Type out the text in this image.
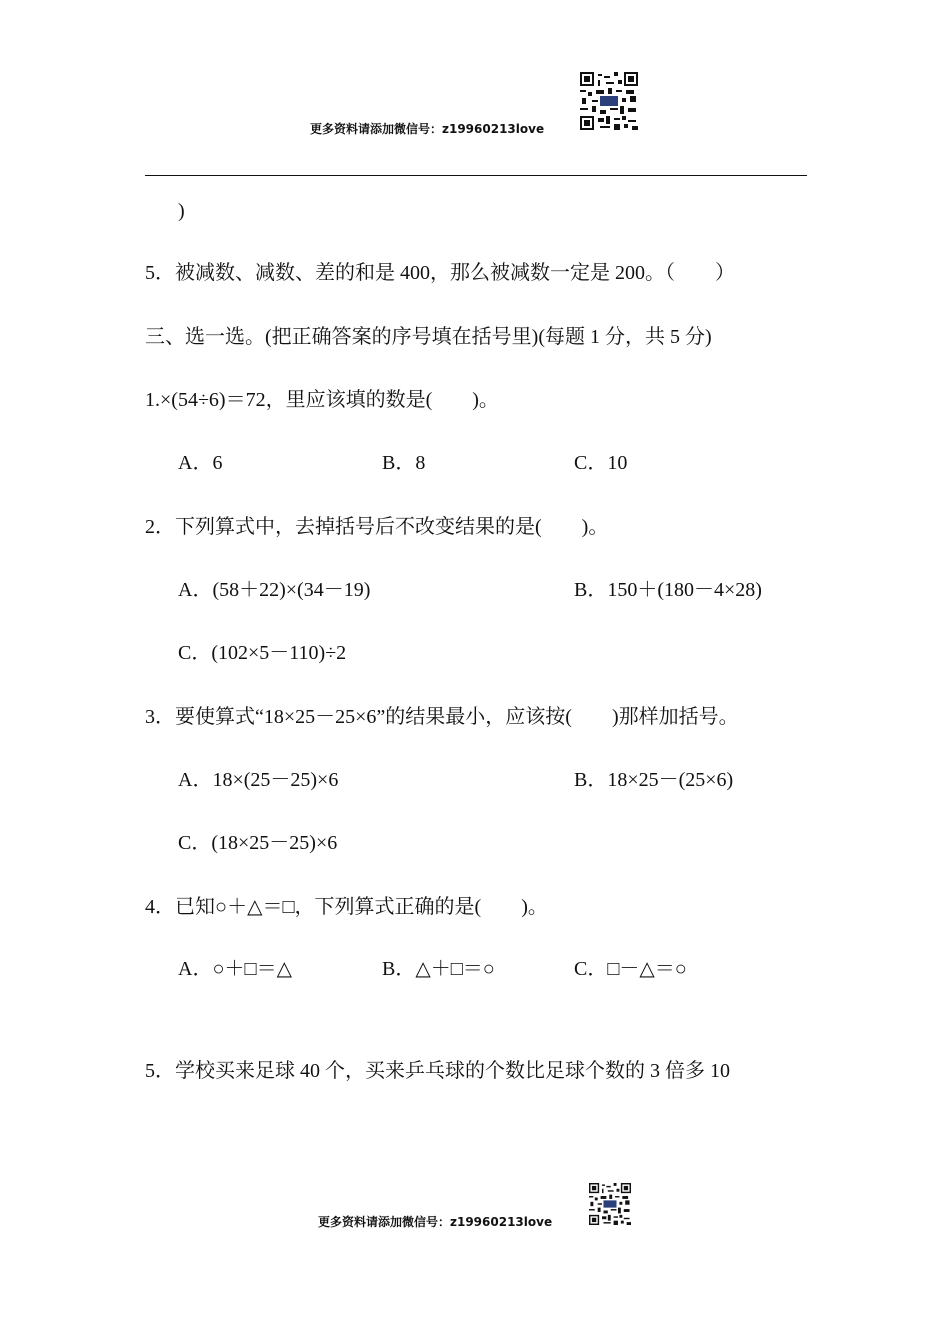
更多资料请添加微信号：z19960213love
)
5．被减数、减数、差的和是 400，那么被减数一定是 200。（　　）
三、选一选。(把正确答案的序号填在括号里)(每题 1 分，共 5 分)
1.×(54÷6)＝72，里应该填的数是(　　)。
A．6	B．8	C．10
2．下列算式中，去掉括号后不改变结果的是(　　)。
A．(58＋22)×(34－19)	B．150＋(180－4×28)
C．(102×5－110)÷2
3．要使算式“18×25－25×6”的结果最小，应该按(　　)那样加括号。
A．18×(25－25)×6	B．18×25－(25×6)
C．(18×25－25)×6
4．已知○＋△＝□，下列算式正确的是(　　)。
A．○＋□＝△	B．△＋□＝○	C．□－△＝○
5．学校买来足球 40 个，买来乒乓球的个数比足球个数的 3 倍多 10
更多资料请添加微信号：z19960213love
